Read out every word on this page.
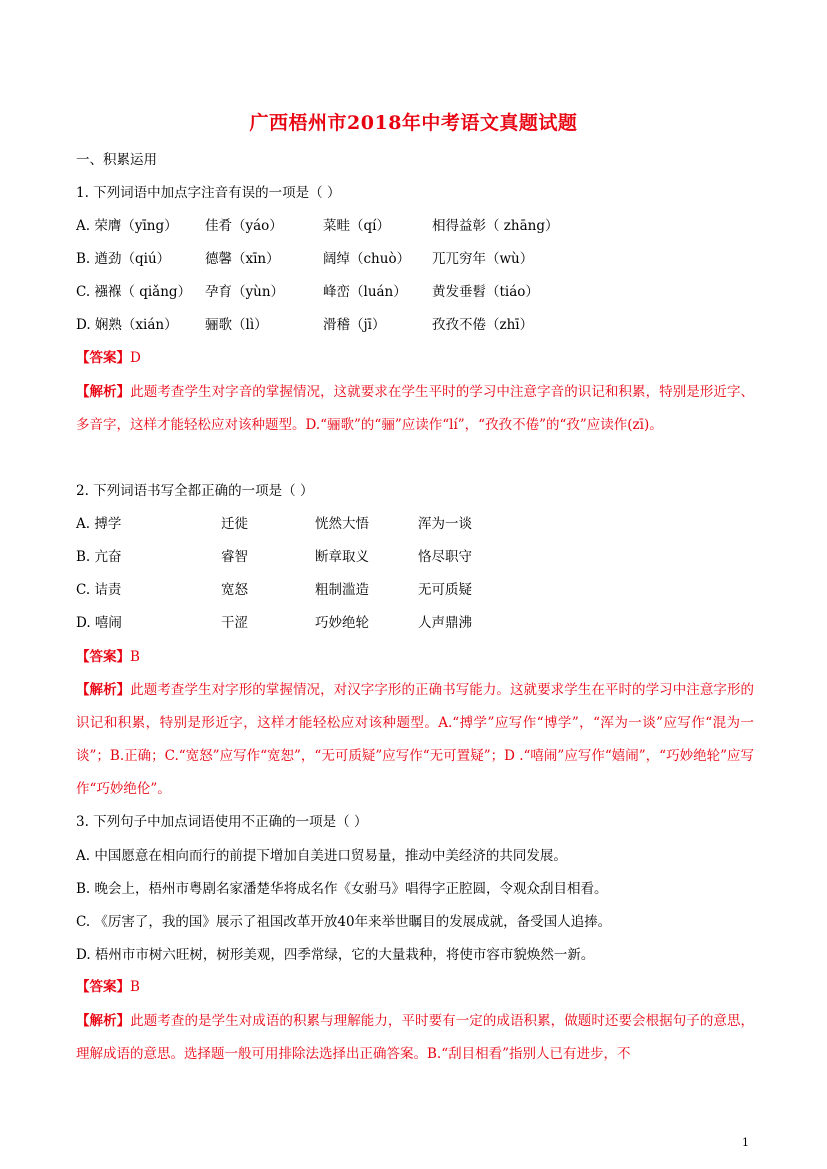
广西梧州市2018年中考语文真题试题
一、积累运用
1. 下列词语中加点字注音有误的一项是（ ）
A. 荣膺（yīng） 佳肴（yáo）	菜畦（qí）	相得益彰（ zhāng）
B. 遒劲（qiú）	德馨（xīn）	阔绰（chuò） 兀兀穷年（wù）
C. 襁褓（ qiǎng） 孕育（yùn）	峰峦（luán） 黄发垂髫（tiáo）
D. 娴熟（xián） 骊歌（lì）	滑稽（jī）	孜孜不倦（zhī）
【答案】D
【解析】此题考查学生对字音的掌握情况，这就要求在学生平时的学习中注意字音的识记和积累，特别是形近字、多音字，这样才能轻松应对该种题型。D.“骊歌”的“骊”应读作“lí”，“孜孜不倦”的“孜”应读作(zī)。
2. 下列词语书写全都正确的一项是（ ）
A. 搏学	迁徙	恍然大悟	浑为一谈
B. 亢奋	睿智	断章取义	恪尽职守
C. 诘责	宽怒	粗制滥造	无可质疑
D. 嘻闹	干涩	巧妙绝轮	人声鼎沸
【答案】B
【解析】此题考查学生对字形的掌握情况，对汉字字形的正确书写能力。这就要求学生在平时的学习中注意字形的识记和积累，特别是形近字，这样才能轻松应对该种题型。A.“搏学”应写作“博学”，“浑为一谈”应写作“混为一谈”；B.正确；C.“宽怒”应写作“宽恕”，“无可质疑”应写作“无可置疑”；D .“嘻闹”应写作“嬉闹”，“巧妙绝轮”应写作“巧妙绝伦”。
3. 下列句子中加点词语使用不正确的一项是（ ）
A. 中国愿意在相向而行的前提下增加自美进口贸易量，推动中美经济的共同发展。
B. 晚会上，梧州市粤剧名家潘楚华将成名作《女驸马》唱得字正腔圆，令观众刮目相看。
C. 《厉害了，我的国》展示了祖国改革开放40年来举世瞩目的发展成就，备受国人追捧。
D. 梧州市市树六旺树，树形美观，四季常绿，它的大量栽种，将使市容市貌焕然一新。
【答案】B
【解析】此题考查的是学生对成语的积累与理解能力，平时要有一定的成语积累，做题时还要会根据句子的意思，理解成语的意思。选择题一般可用排除法选择出正确答案。B.“刮目相看”指别人已有进步，不
1
